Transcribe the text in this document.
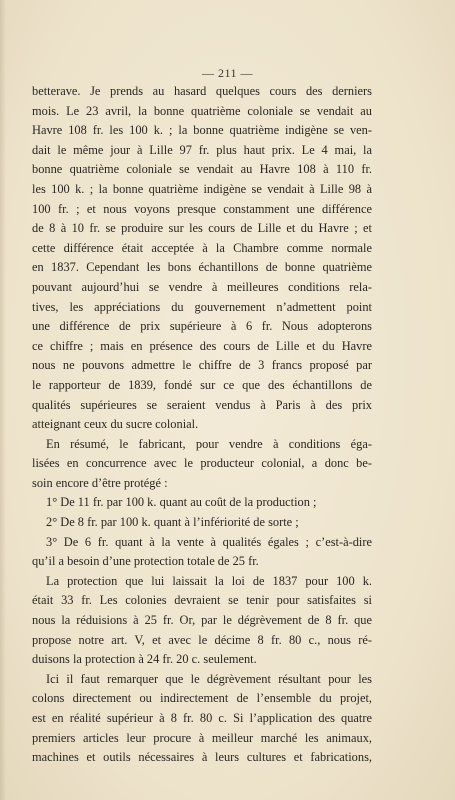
— 211 —
betterave. Je prends au hasard quelques cours des derniers
mois. Le 23 avril, la bonne quatrième coloniale se vendait au
Havre 108 fr. les 100 k. ; la bonne quatrième indigène se ven-
dait le même jour à Lille 97 fr. plus haut prix. Le 4 mai, la
bonne quatrième coloniale se vendait au Havre 108 à 110 fr.
les 100 k. ; la bonne quatrième indigène se vendait à Lille 98 à
100 fr. ; et nous voyons presque constamment une différence
de 8 à 10 fr. se produire sur les cours de Lille et du Havre ; et
cette différence était acceptée à la Chambre comme normale
en 1837. Cependant les bons échantillons de bonne quatrième
pouvant aujourd’hui se vendre à meilleures conditions rela-
tives, les appréciations du gouvernement n’admettent point
une différence de prix supérieure à 6 fr. Nous adopterons
ce chiffre ; mais en présence des cours de Lille et du Havre
nous ne pouvons admettre le chiffre de 3 francs proposé par
le rapporteur de 1839, fondé sur ce que des échantillons de
qualités supérieures se seraient vendus à Paris à des prix
atteignant ceux du sucre colonial.
En résumé, le fabricant, pour vendre à conditions éga-
lisées en concurrence avec le producteur colonial, a donc be-
soin encore d’être protégé :
1° De 11 fr. par 100 k. quant au coût de la production ;
2° De 8 fr. par 100 k. quant à l’infériorité de sorte ;
3° De 6 fr. quant à la vente à qualités égales ; c’est-à-dire
qu’il a besoin d’une protection totale de 25 fr.
La protection que lui laissait la loi de 1837 pour 100 k.
était 33 fr. Les colonies devraient se tenir pour satisfaites si
nous la réduisions à 25 fr. Or, par le dégrèvement de 8 fr. que
propose notre art. V, et avec le décime 8 fr. 80 c., nous ré-
duisons la protection à 24 fr. 20 c. seulement.
Ici il faut remarquer que le dégrèvement résultant pour les
colons directement ou indirectement de l’ensemble du projet,
est en réalité supérieur à 8 fr. 80 c. Si l’application des quatre
premiers articles leur procure à meilleur marché les animaux,
machines et outils nécessaires à leurs cultures et fabrications,
